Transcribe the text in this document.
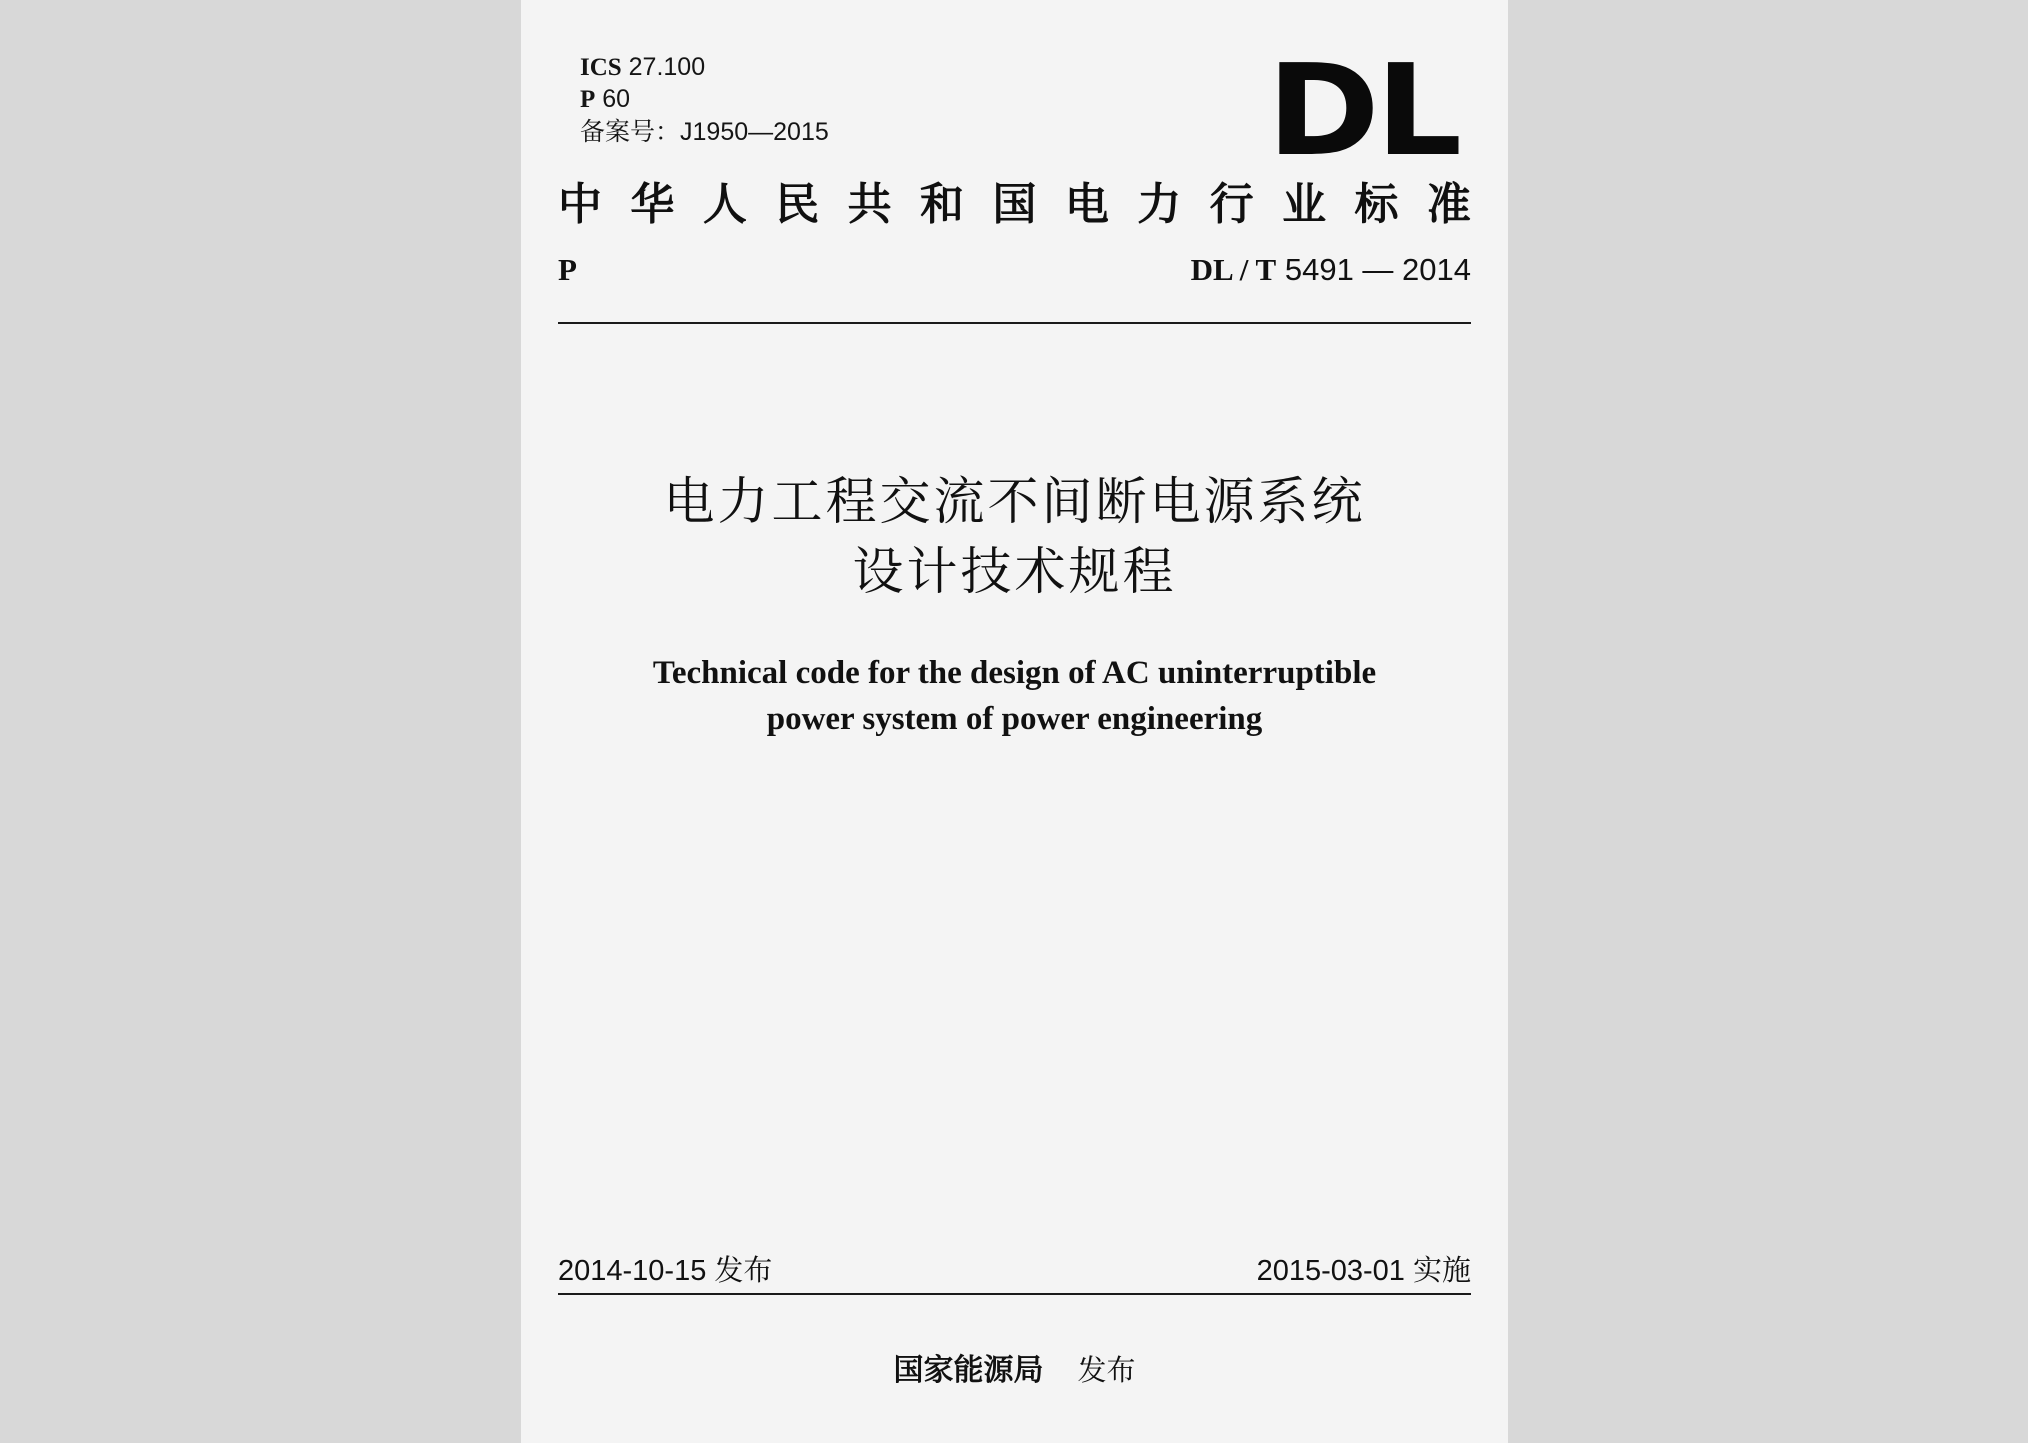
ICS 27.100
P 60
备案号：J1950—2015	DL
中 华 人 民 共 和 国 电 力 行 业 标 准
P	DL / T 5491 — 2014
电力工程交流不间断电源系统
设计技术规程
Technical code for the design of AC uninterruptible
power system of power engineering
2014-10-15 发布	2015-03-01 实施
国家能源局 发布
